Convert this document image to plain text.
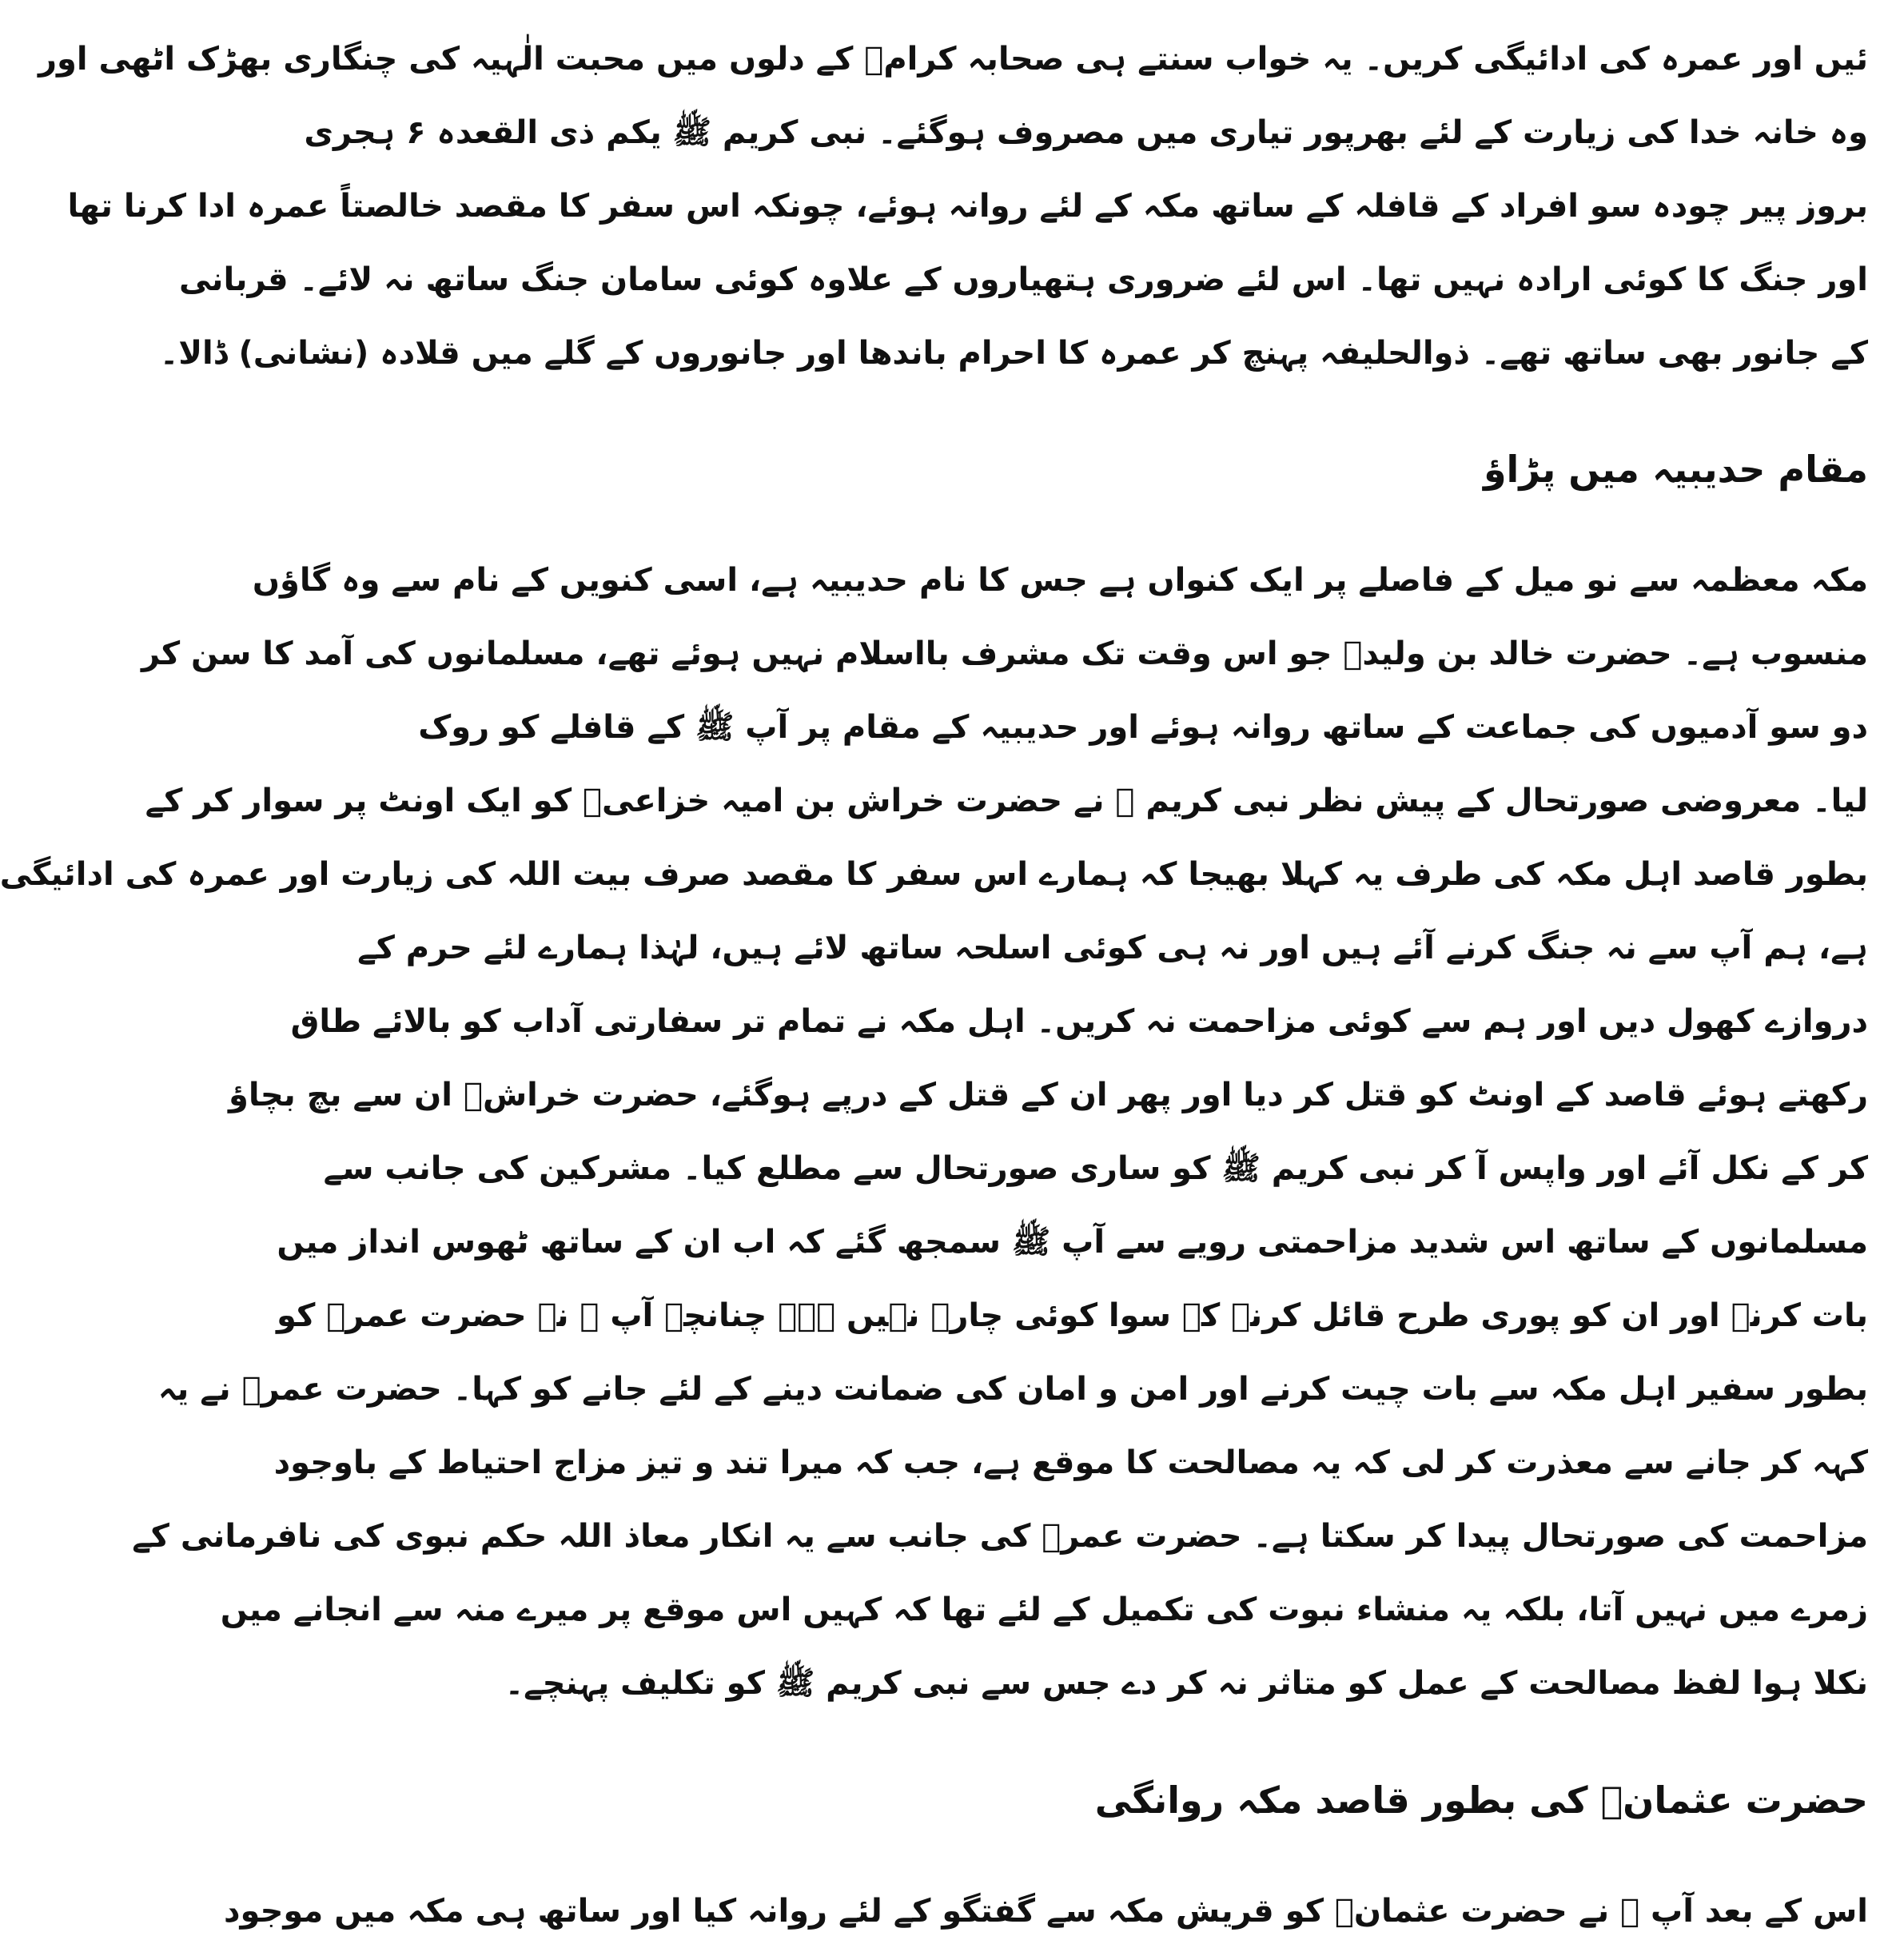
ئیں اور عمرہ کی ادائیگی کریں۔ یہ خواب سنتے ہی صحابہ کرامؓ کے دلوں میں محبت الٰہیہ کی چنگاری بھڑک اٹھی اور
وہ خانہ خدا کی زیارت کے لئے بھرپور تیاری میں مصروف ہوگئے۔ نبی کریم ﷺ یکم ذی القعدہ ۶ ہجری
بروز پیر چودہ سو افراد کے قافلہ کے ساتھ مکہ کے لئے روانہ ہوئے، چونکہ اس سفر کا مقصد خالصتاً عمرہ ادا کرنا تھا
اور جنگ کا کوئی ارادہ نہیں تھا۔ اس لئے ضروری ہتھیاروں کے علاوہ کوئی سامان جنگ ساتھ نہ لائے۔ قربانی
کے جانور بھی ساتھ تھے۔ ذوالحلیفہ پہنچ کر عمرہ کا احرام باندھا اور جانوروں کے گلے میں قلادہ (نشانی) ڈالا۔
مقام حدیبیہ میں پڑاؤ
مکہ معظمہ سے نو میل کے فاصلے پر ایک کنواں ہے جس کا نام حدیبیہ ہے، اسی کنویں کے نام سے وہ گاؤں
منسوب ہے۔ حضرت خالد بن ولیدؓ جو اس وقت تک مشرف بااسلام نہیں ہوئے تھے، مسلمانوں کی آمد کا سن کر
دو سو آدمیوں کی جماعت کے ساتھ روانہ ہوئے اور حدیبیہ کے مقام پر آپ ﷺ کے قافلے کو روک
لیا۔ معروضی صورتحال کے پیش نظر نبی کریم ﷺ نے حضرت خراش بن امیہ خزاعیؓ کو ایک اونٹ پر سوار کر کے
بطور قاصد اہل مکہ کی طرف یہ کہلا بھیجا کہ ہمارے اس سفر کا مقصد صرف بیت اللہ کی زیارت اور عمرہ کی ادائیگی
ہے، ہم آپ سے نہ جنگ کرنے آئے ہیں اور نہ ہی کوئی اسلحہ ساتھ لائے ہیں، لہٰذا ہمارے لئے حرم کے
دروازے کھول دیں اور ہم سے کوئی مزاحمت نہ کریں۔ اہل مکہ نے تمام تر سفارتی آداب کو بالائے طاق
رکھتے ہوئے قاصد کے اونٹ کو قتل کر دیا اور پھر ان کے قتل کے درپے ہوگئے، حضرت خراشؓ ان سے بچ بچاؤ
کر کے نکل آئے اور واپس آ کر نبی کریم ﷺ کو ساری صورتحال سے مطلع کیا۔ مشرکین کی جانب سے
مسلمانوں کے ساتھ اس شدید مزاحمتی رویے سے آپ ﷺ سمجھ گئے کہ اب ان کے ساتھ ٹھوس انداز میں
بات کرنے اور ان کو پوری طرح قائل کرنے کے سوا کوئی چارہ نہیں ہے۔ چنانچہ آپ ﷺ نے حضرت عمرؓ کو
بطور سفیر اہل مکہ سے بات چیت کرنے اور امن و امان کی ضمانت دینے کے لئے جانے کو کہا۔ حضرت عمرؓ نے یہ
کہہ کر جانے سے معذرت کر لی کہ یہ مصالحت کا موقع ہے، جب کہ میرا تند و تیز مزاج احتیاط کے باوجود
مزاحمت کی صورتحال پیدا کر سکتا ہے۔ حضرت عمرؓ کی جانب سے یہ انکار معاذ اللہ حکم نبوی کی نافرمانی کے
زمرے میں نہیں آتا، بلکہ یہ منشاء نبوت کی تکمیل کے لئے تھا کہ کہیں اس موقع پر میرے منہ سے انجانے میں
نکلا ہوا لفظ مصالحت کے عمل کو متاثر نہ کر دے جس سے نبی کریم ﷺ کو تکلیف پہنچے۔
حضرت عثمانؓ کی بطور قاصد مکہ روانگی
اس کے بعد آپ ﷺ نے حضرت عثمانؓ کو قریش مکہ سے گفتگو کے لئے روانہ کیا اور ساتھ ہی مکہ میں موجود
